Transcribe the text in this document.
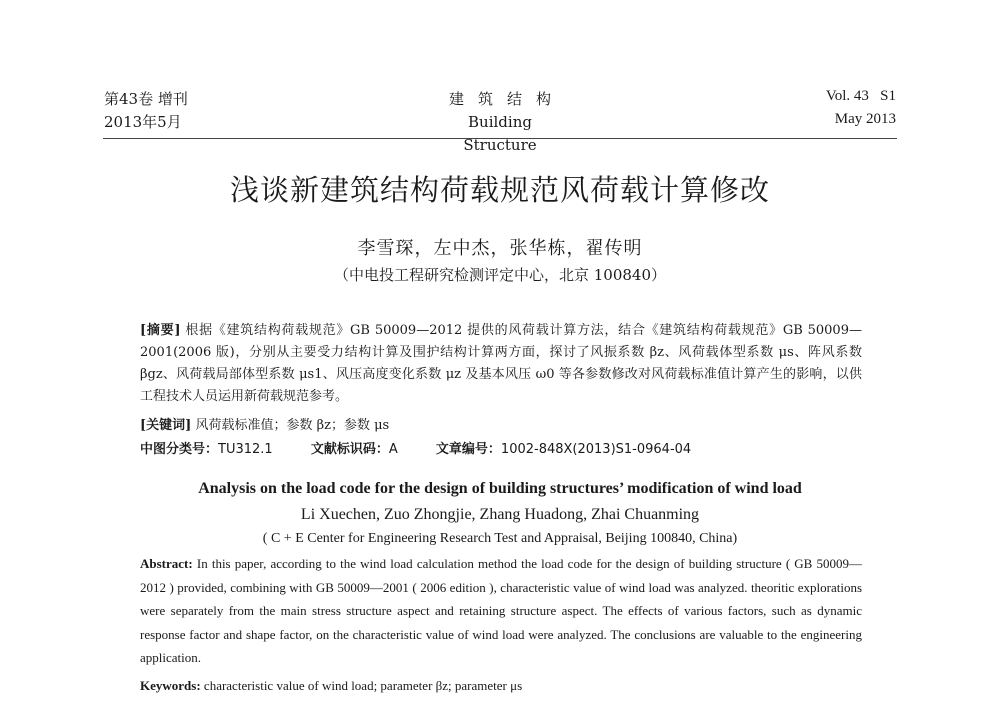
第43卷 增刊
2013年5月
建筑结构
Building Structure
Vol. 43   S1
May 2013
浅谈新建筑结构荷载规范风荷载计算修改
李雪琛，左中杰，张华栋，翟传明
（中电投工程研究检测评定中心，北京 100840）
[摘要] 根据《建筑结构荷载规范》GB 50009—2012 提供的风荷载计算方法，结合《建筑结构荷载规范》GB 50009—2001(2006 版)，分别从主要受力结构计算及围护结构计算两方面，探讨了风振系数 βz、风荷载体型系数 μs、阵风系数 βgz、风荷载局部体型系数 μs1、风压高度变化系数 μz 及基本风压 ω0 等各参数修改对风荷载标准值计算产生的影响，以供工程技术人员运用新荷载规范参考。
[关键词] 风荷载标准值；参数 βz；参数 μs
中图分类号：TU312.1	文献标识码：A	文章编号：1002-848X(2013)S1-0964-04
Analysis on the load code for the design of building structures’ modification of wind load
Li Xuechen, Zuo Zhongjie, Zhang Huadong, Zhai Chuanming
( C + E Center for Engineering Research Test and Appraisal, Beijing 100840, China)
Abstract: In this paper, according to the wind load calculation method the load code for the design of building structure ( GB 50009—2012 ) provided, combining with GB 50009—2001 ( 2006 edition ), characteristic value of wind load was analyzed. theoritic explorations were separately from the main stress structure aspect and retaining structure aspect. The effects of various factors, such as dynamic response factor and shape factor, on the characteristic value of wind load were analyzed. The conclusions are valuable to the engineering application.
Keywords: characteristic value of wind load; parameter βz; parameter μs
